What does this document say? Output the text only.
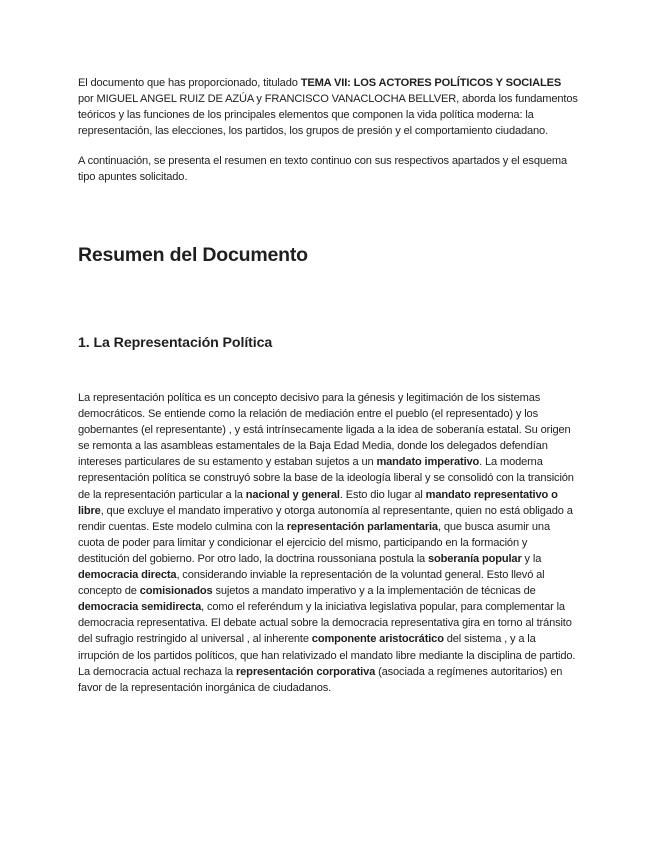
El documento que has proporcionado, titulado TEMA VII: LOS ACTORES POLÍTICOS Y SOCIALES por MIGUEL ANGEL RUIZ DE AZÚA y FRANCISCO VANACLOCHA BELLVER, aborda los fundamentos teóricos y las funciones de los principales elementos que componen la vida política moderna: la representación, las elecciones, los partidos, los grupos de presión y el comportamiento ciudadano.

A continuación, se presenta el resumen en texto continuo con sus respectivos apartados y el esquema tipo apuntes solicitado.

Resumen del Documento
1. La Representación Política

La representación política es un concepto decisivo para la génesis y legitimación de los sistemas democráticos. Se entiende como la relación de mediación entre el pueblo (el representado) y los gobernantes (el representante) , y está intrínsecamente ligada a la idea de soberanía estatal. Su origen se remonta a las asambleas estamentales de la Baja Edad Media, donde los delegados defendían intereses particulares de su estamento y estaban sujetos a un mandato imperativo. La moderna representación política se construyó sobre la base de la ideología liberal y se consolidó con la transición de la representación particular a la nacional y general. Esto dio lugar al mandato representativo o libre, que excluye el mandato imperativo y otorga autonomía al representante, quien no está obligado a rendir cuentas. Este modelo culmina con la representación parlamentaria, que busca asumir una cuota de poder para limitar y condicionar el ejercicio del mismo, participando en la formación y destitución del gobierno. Por otro lado, la doctrina roussoniana postula la soberanía popular y la democracia directa, considerando inviable la representación de la voluntad general. Esto llevó al concepto de comisionados sujetos a mandato imperativo y a la implementación de técnicas de democracia semidirecta, como el referéndum y la iniciativa legislativa popular, para complementar la democracia representativa. El debate actual sobre la democracia representativa gira en torno al tránsito del sufragio restringido al universal , al inherente componente aristocrático del sistema , y a la irrupción de los partidos políticos, que han relativizado el mandato libre mediante la disciplina de partido. La democracia actual rechaza la representación corporativa (asociada a regímenes autoritarios) en favor de la representación inorgánica de ciudadanos.
